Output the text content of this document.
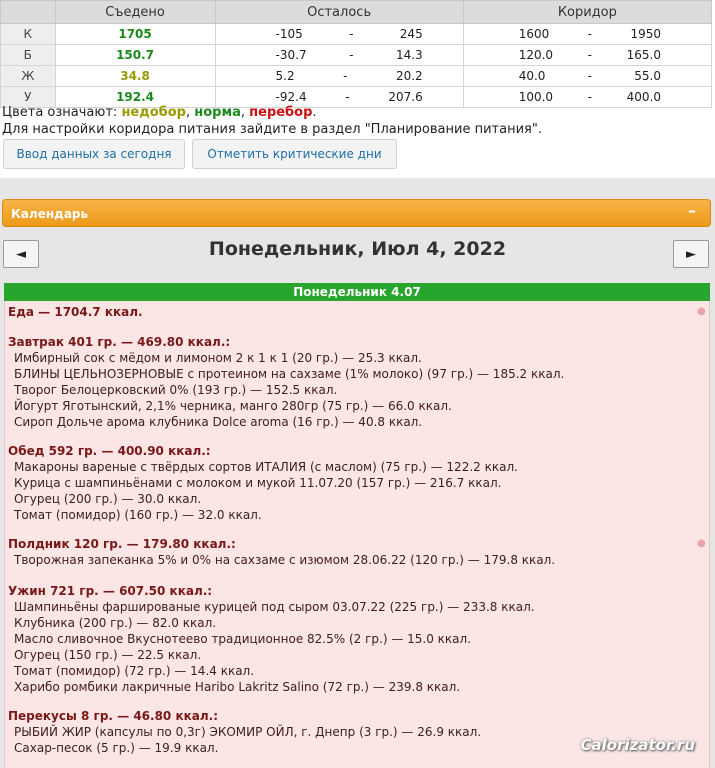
	Съедено	Осталось	Коридор
К	1705	-105 - 245	1600 - 1950

Б	150.7	-30.7 - 14.3	120.0 - 165.0

Ж	34.8	5.2 - 20.2	40.0 - 55.0

У	192.4	-92.4 - 207.6	100.0 - 400.0
Цвета означают: недобор, норма, перебор.
Для настройки коридора питания зайдите в раздел "Планирование питания".
Ввод данных за сегодня	Отметить критические дни
Календарь	–
◄	Понедельник, Июл 4, 2022	►
Понедельник 4.07
Еда — 1704.7 ккал.	●
Завтрак 401 гр. — 469.80 ккал.:
Имбирный сок с мёдом и лимоном 2 к 1 к 1 (20 гр.) — 25.3 ккал.
БЛИНЫ ЦЕЛЬНОЗЕРНОВЫЕ с протеином на сахзаме (1% молоко) (97 гр.) — 185.2 ккал.
Творог Белоцерковский 0% (193 гр.) — 152.5 ккал.
Йогурт Яготынский, 2,1% черника, манго 280гр (75 гр.) — 66.0 ккал.
Сироп Дольче арома клубника Dolce aroma (16 гр.) — 40.8 ккал.
Обед 592 гр. — 400.90 ккал.:
Макароны вареные с твёрдых сортов ИТАЛИЯ (с маслом) (75 гр.) — 122.2 ккал.
Курица с шампиньёнами с молоком и мукой 11.07.20 (157 гр.) — 216.7 ккал.
Огурец (200 гр.) — 30.0 ккал.
Томат (помидор) (160 гр.) — 32.0 ккал.
Полдник 120 гр. — 179.80 ккал.:	●
Творожная запеканка 5% и 0% на сахзаме с изюмом 28.06.22 (120 гр.) — 179.8 ккал.
Ужин 721 гр. — 607.50 ккал.:
Шампиньёны фаршированые курицей под сыром 03.07.22 (225 гр.) — 233.8 ккал.
Клубника (200 гр.) — 82.0 ккал.
Масло сливочное Вкуснотеево традиционное 82.5% (2 гр.) — 15.0 ккал.
Огурец (150 гр.) — 22.5 ккал.
Томат (помидор) (72 гр.) — 14.4 ккал.
Харибо ромбики лакричные Haribo Lakritz Salino (72 гр.) — 239.8 ккал.
Перекусы 8 гр. — 46.80 ккал.:
РЫБИЙ ЖИР (капсулы по 0,3г) ЭКОМИР ОЙЛ, г. Днепр (3 гр.) — 26.9 ккал.
Сахар-песок (5 гр.) — 19.9 ккал.	Calorizator.ru
